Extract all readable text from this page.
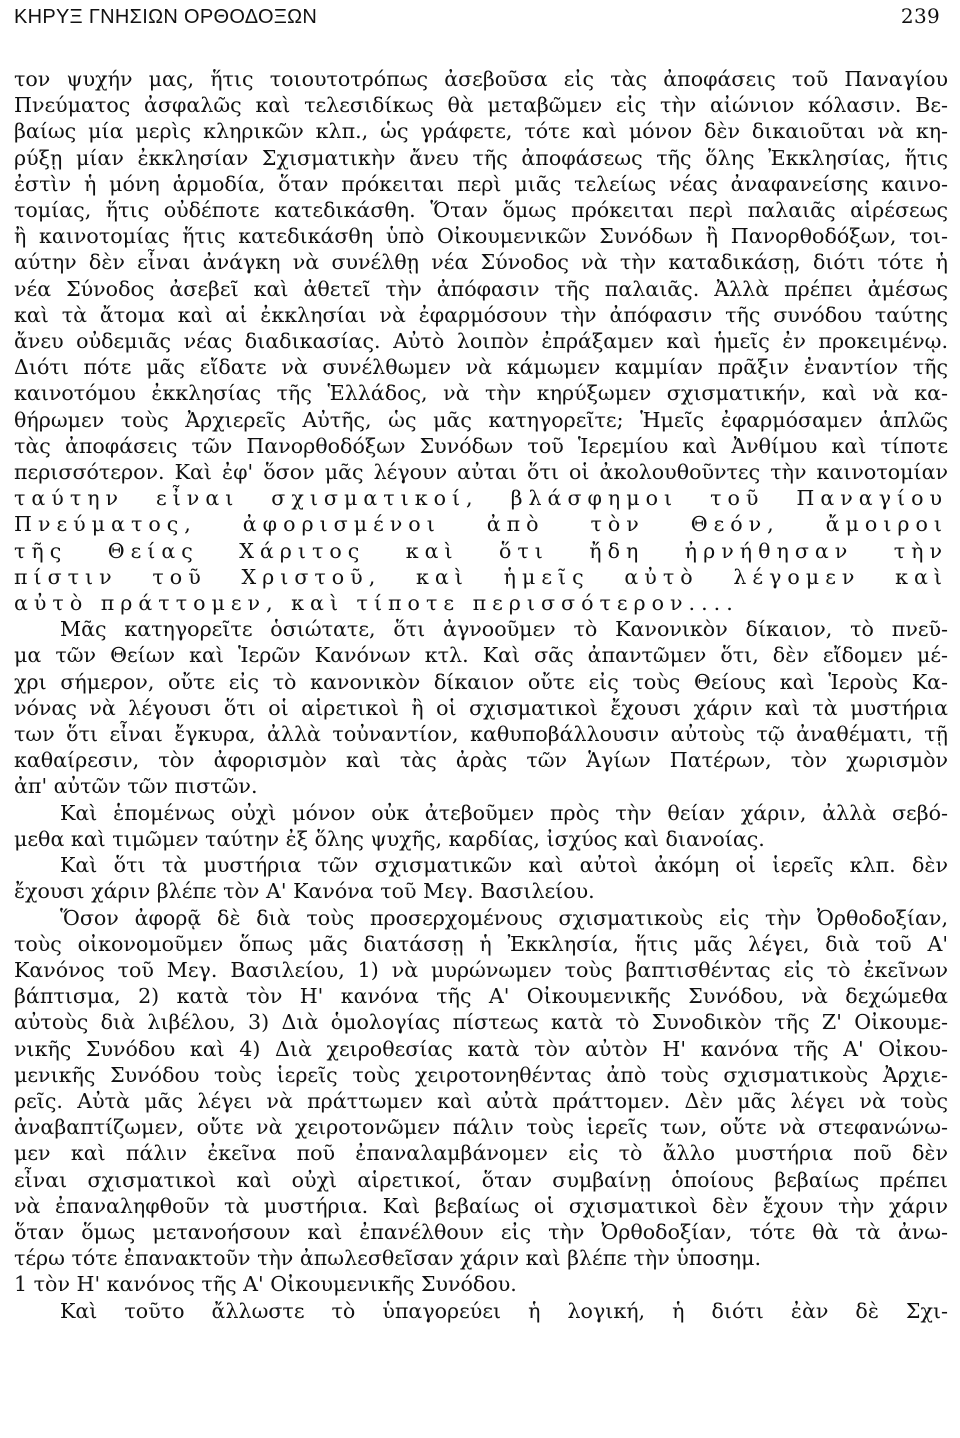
ΚΗΡΥΞ ΓΝΗΣΙΩΝ ΟΡΘΟΔΟΞΩΝ	239
τον ψυχήν μας, ἥτις τοιουτοτρόπως ἀσεβοῦσα εἰς τὰς ἀποφάσεις τοῦ Παναγίου
Πνεύματος ἀσφαλῶς καὶ τελεσιδίκως θὰ μεταβῶμεν εἰς τὴν αἰώνιον κόλασιν. Βε-
βαίως μία μερὶς κληρικῶν κλπ., ὡς γράφετε, τότε καὶ μόνον δὲν δικαιοῦται νὰ κη-
ρύξῃ μίαν ἐκκλησίαν Σχισματικὴν ἄνευ τῆς ἀποφάσεως τῆς ὅλης Ἐκκλησίας, ἥτις
ἐστὶν ἡ μόνη ἁρμοδία, ὅταν πρόκειται περὶ μιᾶς τελείως νέας ἀναφανείσης καινο-
τομίας, ἥτις οὐδέποτε κατεδικάσθη. Ὅταν ὅμως πρόκειται περὶ παλαιᾶς αἱρέσεως
ἢ καινοτομίας ἥτις κατεδικάσθη ὑπὸ Οἰκουμενικῶν Συνόδων ἢ Πανορθοδόξων, τοι-
αύτην δὲν εἶναι ἀνάγκη νὰ συνέλθῃ νέα Σύνοδος νὰ τὴν καταδικάσῃ, διότι τότε ἡ
νέα Σύνοδος ἀσεβεῖ καὶ ἀθετεῖ τὴν ἀπόφασιν τῆς παλαιᾶς. Ἀλλὰ πρέπει ἀμέσως
καὶ τὰ ἄτομα καὶ αἱ ἐκκλησίαι νὰ ἐφαρμόσουν τὴν ἀπόφασιν τῆς συνόδου ταύτης
ἄνευ οὐδεμιᾶς νέας διαδικασίας. Αὐτὸ λοιπὸν ἐπράξαμεν καὶ ἡμεῖς ἐν προκειμένῳ.
Διότι πότε μᾶς εἴδατε νὰ συνέλθωμεν νὰ κάμωμεν καμμίαν πρᾶξιν ἐναντίον τῆς
καινοτόμου ἐκκλησίας τῆς Ἑλλάδος, νὰ τὴν κηρύξωμεν σχισματικήν, καὶ νὰ κα-
θήρωμεν τοὺς Ἀρχιερεῖς Αὐτῆς, ὡς μᾶς κατηγορεῖτε; Ἡμεῖς ἐφαρμόσαμεν ἁπλῶς
τὰς ἀποφάσεις τῶν Πανορθοδόξων Συνόδων τοῦ Ἱερεμίου καὶ Ἀνθίμου καὶ τίποτε
περισσότερον. Καὶ ἐφ' ὅσον μᾶς λέγουν αὐται ὅτι οἱ ἀκολουθοῦντες τὴν καινοτομίαν
ταύτην εἶναι σχισματικοί, βλάσφημοι τοῦ Παναγίου
Πνεύματος, ἀφορισμένοι ἀπὸ τὸν Θεόν, ἄμοιροι
τῆς Θείας Χάριτος καὶ ὅτι ἤδη ἠρνήθησαν τὴν
πίστιν τοῦ Χριστοῦ, καὶ ἡμεῖς αὐτὸ λέγομεν καὶ
αὐτὸ πράττομεν, καὶ τίποτε περισσότερον....
Μᾶς κατηγορεῖτε ὁσιώτατε, ὅτι ἀγνοοῦμεν τὸ Κανονικὸν δίκαιον, τὸ πνεῦ-
μα τῶν Θείων καὶ Ἱερῶν Κανόνων κτλ. Καὶ σᾶς ἀπαντῶμεν ὅτι, δὲν εἴδομεν μέ-
χρι σήμερον, οὔτε εἰς τὸ κανονικὸν δίκαιον οὔτε εἰς τοὺς Θείους καὶ Ἱεροὺς Κα-
νόνας νὰ λέγουσι ὅτι οἱ αἱρετικοὶ ἢ οἱ σχισματικοὶ ἔχουσι χάριν καὶ τὰ μυστήρια
των ὅτι εἶναι ἔγκυρα, ἀλλὰ τοὐναντίον, καθυποβάλλουσιν αὐτοὺς τῷ ἀναθέματι, τῇ
καθαίρεσιν, τὸν ἀφορισμὸν καὶ τὰς ἀρὰς τῶν Ἁγίων Πατέρων, τὸν χωρισμὸν
ἀπ' αὐτῶν τῶν πιστῶν.
Καὶ ἑπομένως οὐχὶ μόνον οὐκ ἀτεβοῦμεν πρὸς τὴν θείαν χάριν, ἀλλὰ σεβό-
μεθα καὶ τιμῶμεν ταύτην ἐξ ὅλης ψυχῆς, καρδίας, ἰσχύος καὶ διανοίας.
Καὶ ὅτι τὰ μυστήρια τῶν σχισματικῶν καὶ αὐτοὶ ἀκόμη οἱ ἱερεῖς κλπ. δὲν
ἔχουσι χάριν βλέπε τὸν Α' Κανόνα τοῦ Μεγ. Βασιλείου.
Ὅσον ἀφορᾷ δὲ διὰ τοὺς προσερχομένους σχισματικοὺς εἰς τὴν Ὀρθοδοξίαν,
τοὺς οἰκονομοῦμεν ὅπως μᾶς διατάσσῃ ἡ Ἐκκλησία, ἥτις μᾶς λέγει, διὰ τοῦ Α'
Κανόνος τοῦ Μεγ. Βασιλείου, 1) νὰ μυρώνωμεν τοὺς βαπτισθέντας εἰς τὸ ἐκεῖνων
βάπτισμα, 2) κατὰ τὸν Η' κανόνα τῆς Α' Οἰκουμενικῆς Συνόδου, νὰ δεχώμεθα
αὐτοὺς διὰ λιβέλου, 3) Διὰ ὁμολογίας πίστεως κατὰ τὸ Συνοδικὸν τῆς Ζ' Οἰκουμε-
νικῆς Συνόδου καὶ 4) Διὰ χειροθεσίας κατὰ τὸν αὐτὸν Η' κανόνα τῆς Α' Οἰκου-
μενικῆς Συνόδου τοὺς ἱερεῖς τοὺς χειροτονηθέντας ἀπὸ τοὺς σχισματικοὺς Ἀρχιε-
ρεῖς. Αὐτὰ μᾶς λέγει νὰ πράττωμεν καὶ αὐτὰ πράττομεν. Δὲν μᾶς λέγει νὰ τοὺς
ἀναβαπτίζωμεν, οὔτε νὰ χειροτονῶμεν πάλιν τοὺς ἱερεῖς των, οὔτε νὰ στεφανώνω-
μεν καὶ πάλιν ἐκεῖνα ποῦ ἐπαναλαμβάνομεν εἰς τὸ ἄλλο μυστήρια ποῦ δὲν
εἶναι σχισματικοὶ καὶ οὐχὶ αἱρετικοί, ὅταν συμβαίνῃ ὁποίους βεβαίως πρέπει
νὰ ἐπαναληφθοῦν τὰ μυστήρια. Καὶ βεβαίως οἱ σχισματικοὶ δὲν ἔχουν τὴν χάριν
ὅταν ὅμως μετανοήσουν καὶ ἐπανέλθουν εἰς τὴν Ὀρθοδοξίαν, τότε θὰ τὰ ἀνω-
τέρω τότε ἐπανακτοῦν τὴν ἀπωλεσθεῖσαν χάριν καὶ βλέπε τὴν ὑποσημ.
1 τὸν Η' κανόνος τῆς Α' Οἰκουμενικῆς Συνόδου.
Καὶ τοῦτο ἄλλωστε τὸ ὑπαγορεύει ἡ λογική, ἡ διότι ἐὰν δὲ Σχι-
